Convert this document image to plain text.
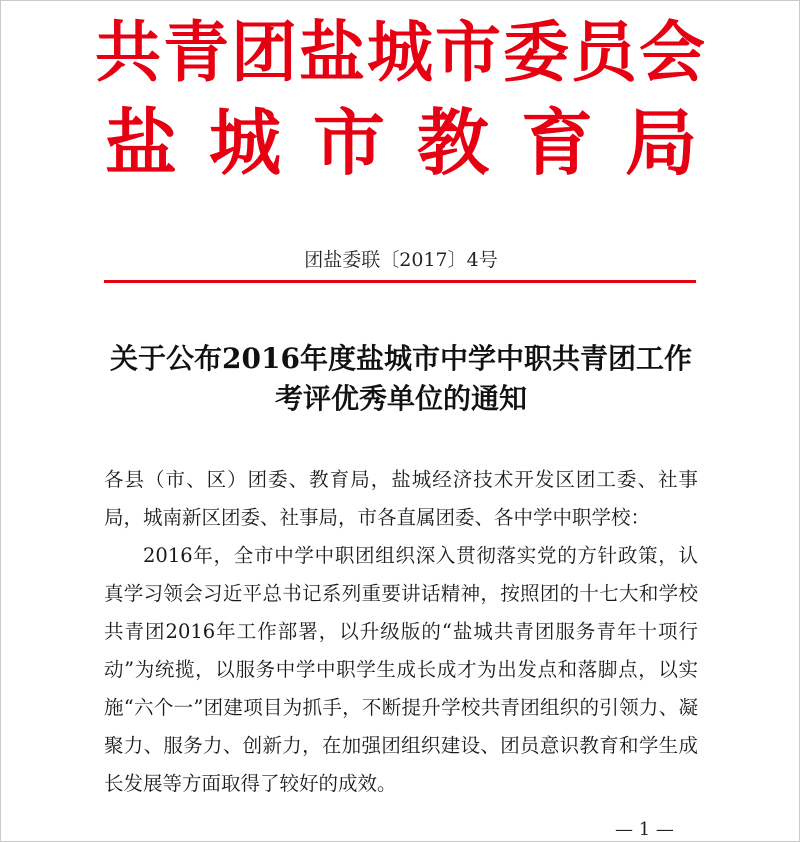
共青团盐城市委员会
盐城市教育局
团盐委联〔2017〕4号
关于公布2016年度盐城市中学中职共青团工作
考评优秀单位的通知

各县（市、区）团委、教育局，盐城经济技术开发区团工委、社事局，城南新区团委、社事局，市各直属团委、各中学中职学校：

2016年，全市中学中职团组织深入贯彻落实党的方针政策，认真学习领会习近平总书记系列重要讲话精神，按照团的十七大和学校共青团2016年工作部署，以升级版的“盐城共青团服务青年十项行动”为统揽，以服务中学中职学生成长成才为出发点和落脚点，以实施“六个一”团建项目为抓手，不断提升学校共青团组织的引领力、凝聚力、服务力、创新力，在加强团组织建设、团员意识教育和学生成长发展等方面取得了较好的成效。

— 1 —
